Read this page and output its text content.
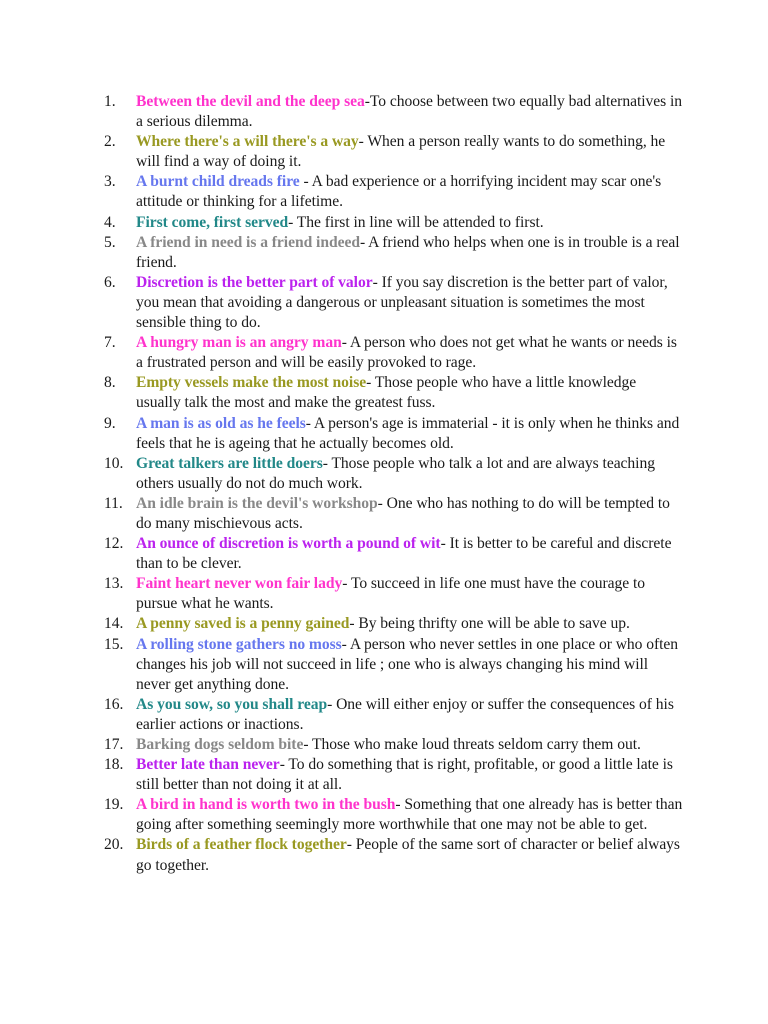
1.	Between the devil and the deep sea-To choose between two equally bad alternatives in a serious dilemma.
2.	Where there's a will there's a way- When a person really wants to do something, he will find a way of doing it.
3.	A burnt child dreads fire - A bad experience or a horrifying incident may scar one's attitude or thinking for a lifetime.
4.	First come, first served- The first in line will be attended to first.
5.	A friend in need is a friend indeed- A friend who helps when one is in trouble is a real friend.
6.	Discretion is the better part of valor- If you say discretion is the better part of valor, you mean that avoiding a dangerous or unpleasant situation is sometimes the most sensible thing to do.
7.	A hungry man is an angry man- A person who does not get what he wants or needs is a frustrated person and will be easily provoked to rage.
8.	Empty vessels make the most noise- Those people who have a little knowledge usually talk the most and make the greatest fuss.
9.	A man is as old as he feels- A person's age is immaterial - it is only when he thinks and feels that he is ageing that he actually becomes old.
10. Great talkers are little doers- Those people who talk a lot and are always teaching others usually do not do much work.
11. An idle brain is the devil's workshop- One who has nothing to do will be tempted to do many mischievous acts.
12. An ounce of discretion is worth a pound of wit- It is better to be careful and discrete than to be clever.
13. Faint heart never won fair lady- To succeed in life one must have the courage to pursue what he wants.
14. A penny saved is a penny gained- By being thrifty one will be able to save up.
15. A rolling stone gathers no moss- A person who never settles in one place or who often changes his job will not succeed in life ; one who is always changing his mind will never get anything done.
16. As you sow, so you shall reap- One will either enjoy or suffer the consequences of his earlier actions or inactions.
17. Barking dogs seldom bite- Those who make loud threats seldom carry them out.
18. Better late than never- To do something that is right, profitable, or good a little late is still better than not doing it at all.
19. A bird in hand is worth two in the bush- Something that one already has is better than going after something seemingly more worthwhile that one may not be able to get.
20. Birds of a feather flock together- People of the same sort of character or belief always go together.
